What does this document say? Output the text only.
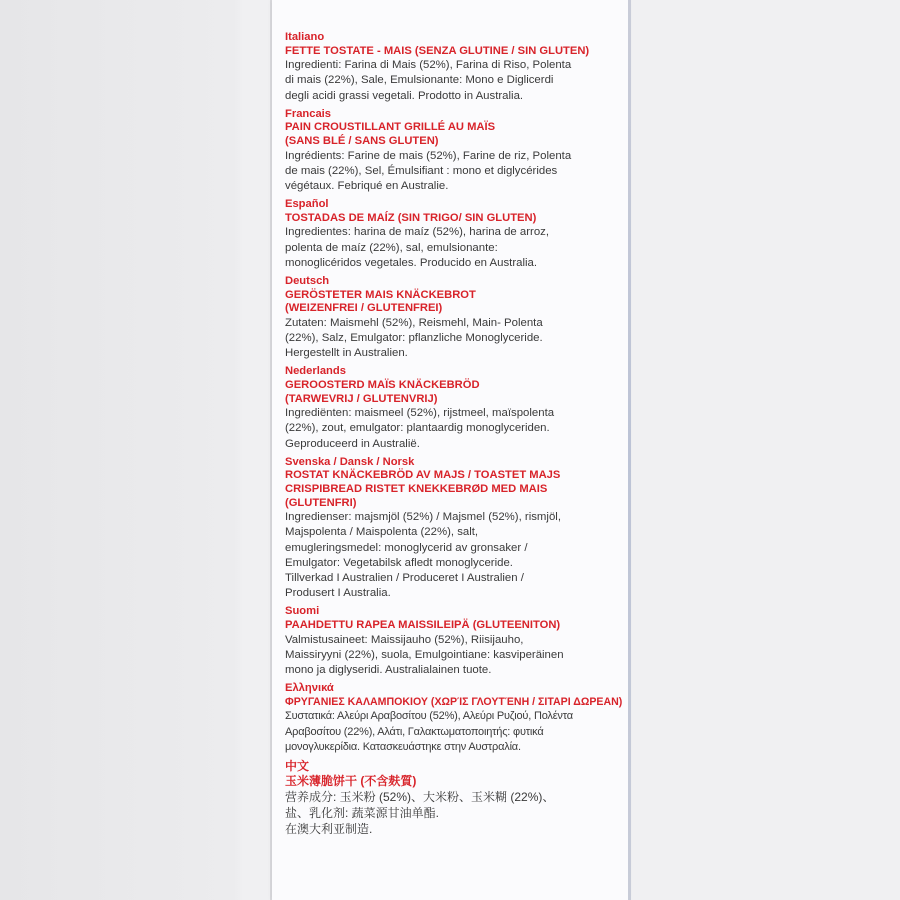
Italiano
FETTE TOSTATE - MAIS (SENZA GLUTINE / SIN GLUTEN)
Ingredienti: Farina di Mais (52%), Farina di Riso, Polenta
di mais (22%), Sale, Emulsionante: Mono e Diglicerdi
degli acidi grassi vegetali. Prodotto in Australia.
Francais
PAIN CROUSTILLANT GRILLÉ AU MAÏS
(SANS BLÉ / SANS GLUTEN)
Ingrédients: Farine de mais (52%), Farine de riz, Polenta
de mais (22%), Sel, Émulsifiant : mono et diglycérides
végétaux. Febriqué en Australie.
Español
TOSTADAS DE MAÍZ (SIN TRIGO/ SIN GLUTEN)
Ingredientes: harina de maíz (52%), harina de arroz,
polenta de maíz (22%), sal, emulsionante:
monoglicéridos vegetales. Producido en Australia.
Deutsch
GERÖSTETER MAIS KNÄCKEBROT
(WEIZENFREI / GLUTENFREI)
Zutaten: Maismehl (52%), Reismehl, Main- Polenta
(22%), Salz, Emulgator: pflanzliche Monoglyceride.
Hergestellt in Australien.
Nederlands
GEROOSTERD MAÏS KNÄCKEBRÖD
(TARWEVRIJ / GLUTENVRIJ)
Ingrediënten: maismeel (52%), rijstmeel, maïspolenta
(22%), zout, emulgator: plantaardig monoglyceriden.
Geproduceerd in Australië.
Svenska / Dansk / Norsk
ROSTAT KNÄCKEBRÖD AV MAJS / TOASTET MAJS
CRISPIBREAD RISTET KNEKKEBRØD MED MAIS
(GLUTENFRI)
Ingredienser: majsmjöl (52%) / Majsmel (52%), rismjöl,
Majspolenta / Maispolenta (22%), salt,
emugleringsmedel: monoglycerid av gronsaker /
Emulgator: Vegetabilsk afledt monoglyceride.
Tillverkad I Australien / Produceret I Australien /
Produsert I Australia.
Suomi
PAAHDETTU RAPEA MAISSILEIPÄ (GLUTEENITON)
Valmistusaineet: Maissijauho (52%), Riisijauho,
Maissiryyni (22%), suola, Emulgointiane: kasviperäinen
mono ja diglyseridi. Australialainen tuote.
Ελληνικά
ΦΡΥΓΑΝΙΕΣ ΚΑΛΑΜΠΟΚΙΟΥ (ΧΩΡΊΣ ΓΛΟΥΤΈΝΗ / ΣΙΤΑΡΙ ΔΩΡΕΑΝ)
Συστατικά: Αλεύρι Αραβοσίτου (52%), Αλεύρι Ρυζιού, Πολέντα
Αραβοσίτου (22%), Αλάτι, Γαλακτωματοποιητής: φυτικά
μονογλυκερίδια. Κατασκευάστηκε στην Αυστραλία.
中文
玉米薄脆饼干 (不含麸質)
营养成分: 玉米粉 (52%)、大米粉、玉米糊 (22%)、
盐、乳化剂: 蔬菜源甘油单酯.
在澳大利亚制造.
